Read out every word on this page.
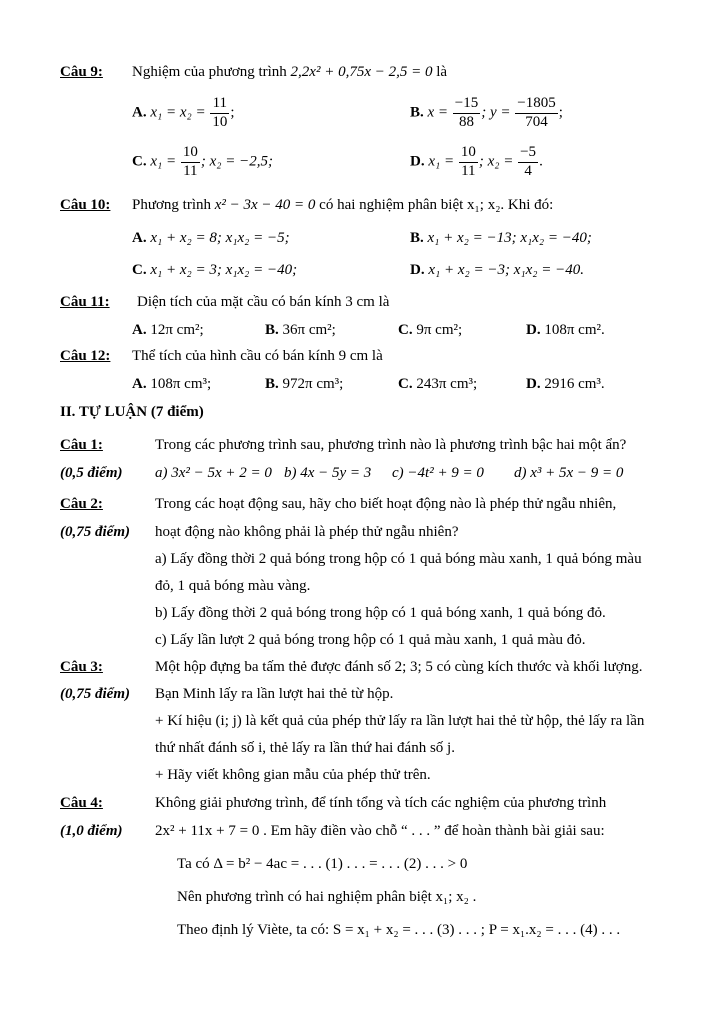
Câu 9: Nghiệm của phương trình 2,2x² + 0,75x − 2,5 = 0 là
A. $x_1 = x_2 = \frac{11}{10}$ ;	B. $x = \frac{-15}{88}$ ; $y = \frac{-1805}{704}$ ;
C. $x_1 = \frac{10}{11}$ ; x₂ = −2,5;	D. $x_1 = \frac{10}{11}$ ; $x_2 = \frac{-5}{4}$ .
Câu 10: Phương trình x² − 3x − 40 = 0 có hai nghiệm phân biệt x₁; x₂. Khi đó:
A. x₁ + x₂ = 8; x₁x₂ = −5;	B. x₁ + x₂ = −13; x₁x₂ = −40;
C. x₁ + x₂ = 3; x₁x₂ = −40;	D. x₁ + x₂ = −3; x₁x₂ = −40.
Câu 11: Diện tích của mặt cầu có bán kính 3 cm là
A. 12π cm²;	B. 36π cm²;	C. 9π cm²;	D. 108π cm².
Câu 12: Thể tích của hình cầu có bán kính 9 cm là
A. 108π cm³;	B. 972π cm³;	C. 243π cm³;	D. 2916 cm³.
II. TỰ LUẬN (7 điểm)
Câu 1:
(0,5 điểm)
Trong các phương trình sau, phương trình nào là phương trình bậc hai một ẩn?
a) 3x² − 5x + 2 = 0 b) 4x − 5y = 3 c) −4t² + 9 = 0 d) x³ + 5x − 9 = 0
Câu 2:
(0,75 điểm)
Trong các hoạt động sau, hãy cho biết hoạt động nào là phép thử ngẫu nhiên,
hoạt động nào không phải là phép thử ngẫu nhiên?
a) Lấy đồng thời 2 quả bóng trong hộp có 1 quả bóng màu xanh, 1 quả bóng màu
đỏ, 1 quả bóng màu vàng.
b) Lấy đồng thời 2 quả bóng trong hộp có 1 quả bóng xanh, 1 quả bóng đỏ.
c) Lấy lần lượt 2 quả bóng trong hộp có 1 quả màu xanh, 1 quả màu đỏ.
Câu 3:
(0,75 điểm)
Một hộp đựng ba tấm thẻ được đánh số 2; 3; 5 có cùng kích thước và khối lượng.
Bạn Minh lấy ra lần lượt hai thẻ từ hộp.
+ Kí hiệu (i; j) là kết quả của phép thử lấy ra lần lượt hai thẻ từ hộp, thẻ lấy ra lần
thứ nhất đánh số i, thẻ lấy ra lần thứ hai đánh số j.
+ Hãy viết không gian mẫu của phép thử trên.
Câu 4:
(1,0 điểm)
Không giải phương trình, để tính tổng và tích các nghiệm của phương trình
2x² + 11x + 7 = 0 . Em hãy điền vào chỗ “ . . . ” để hoàn thành bài giải sau:
Ta có Δ = b² − 4ac = . . . (1) . . . = . . . (2) . . . > 0
Nên phương trình có hai nghiệm phân biệt x₁; x₂ .
Theo định lý Viète, ta có: S = x₁ + x₂ = . . . (3) . . . ; P = x₁.x₂ = . . . (4) . . .
